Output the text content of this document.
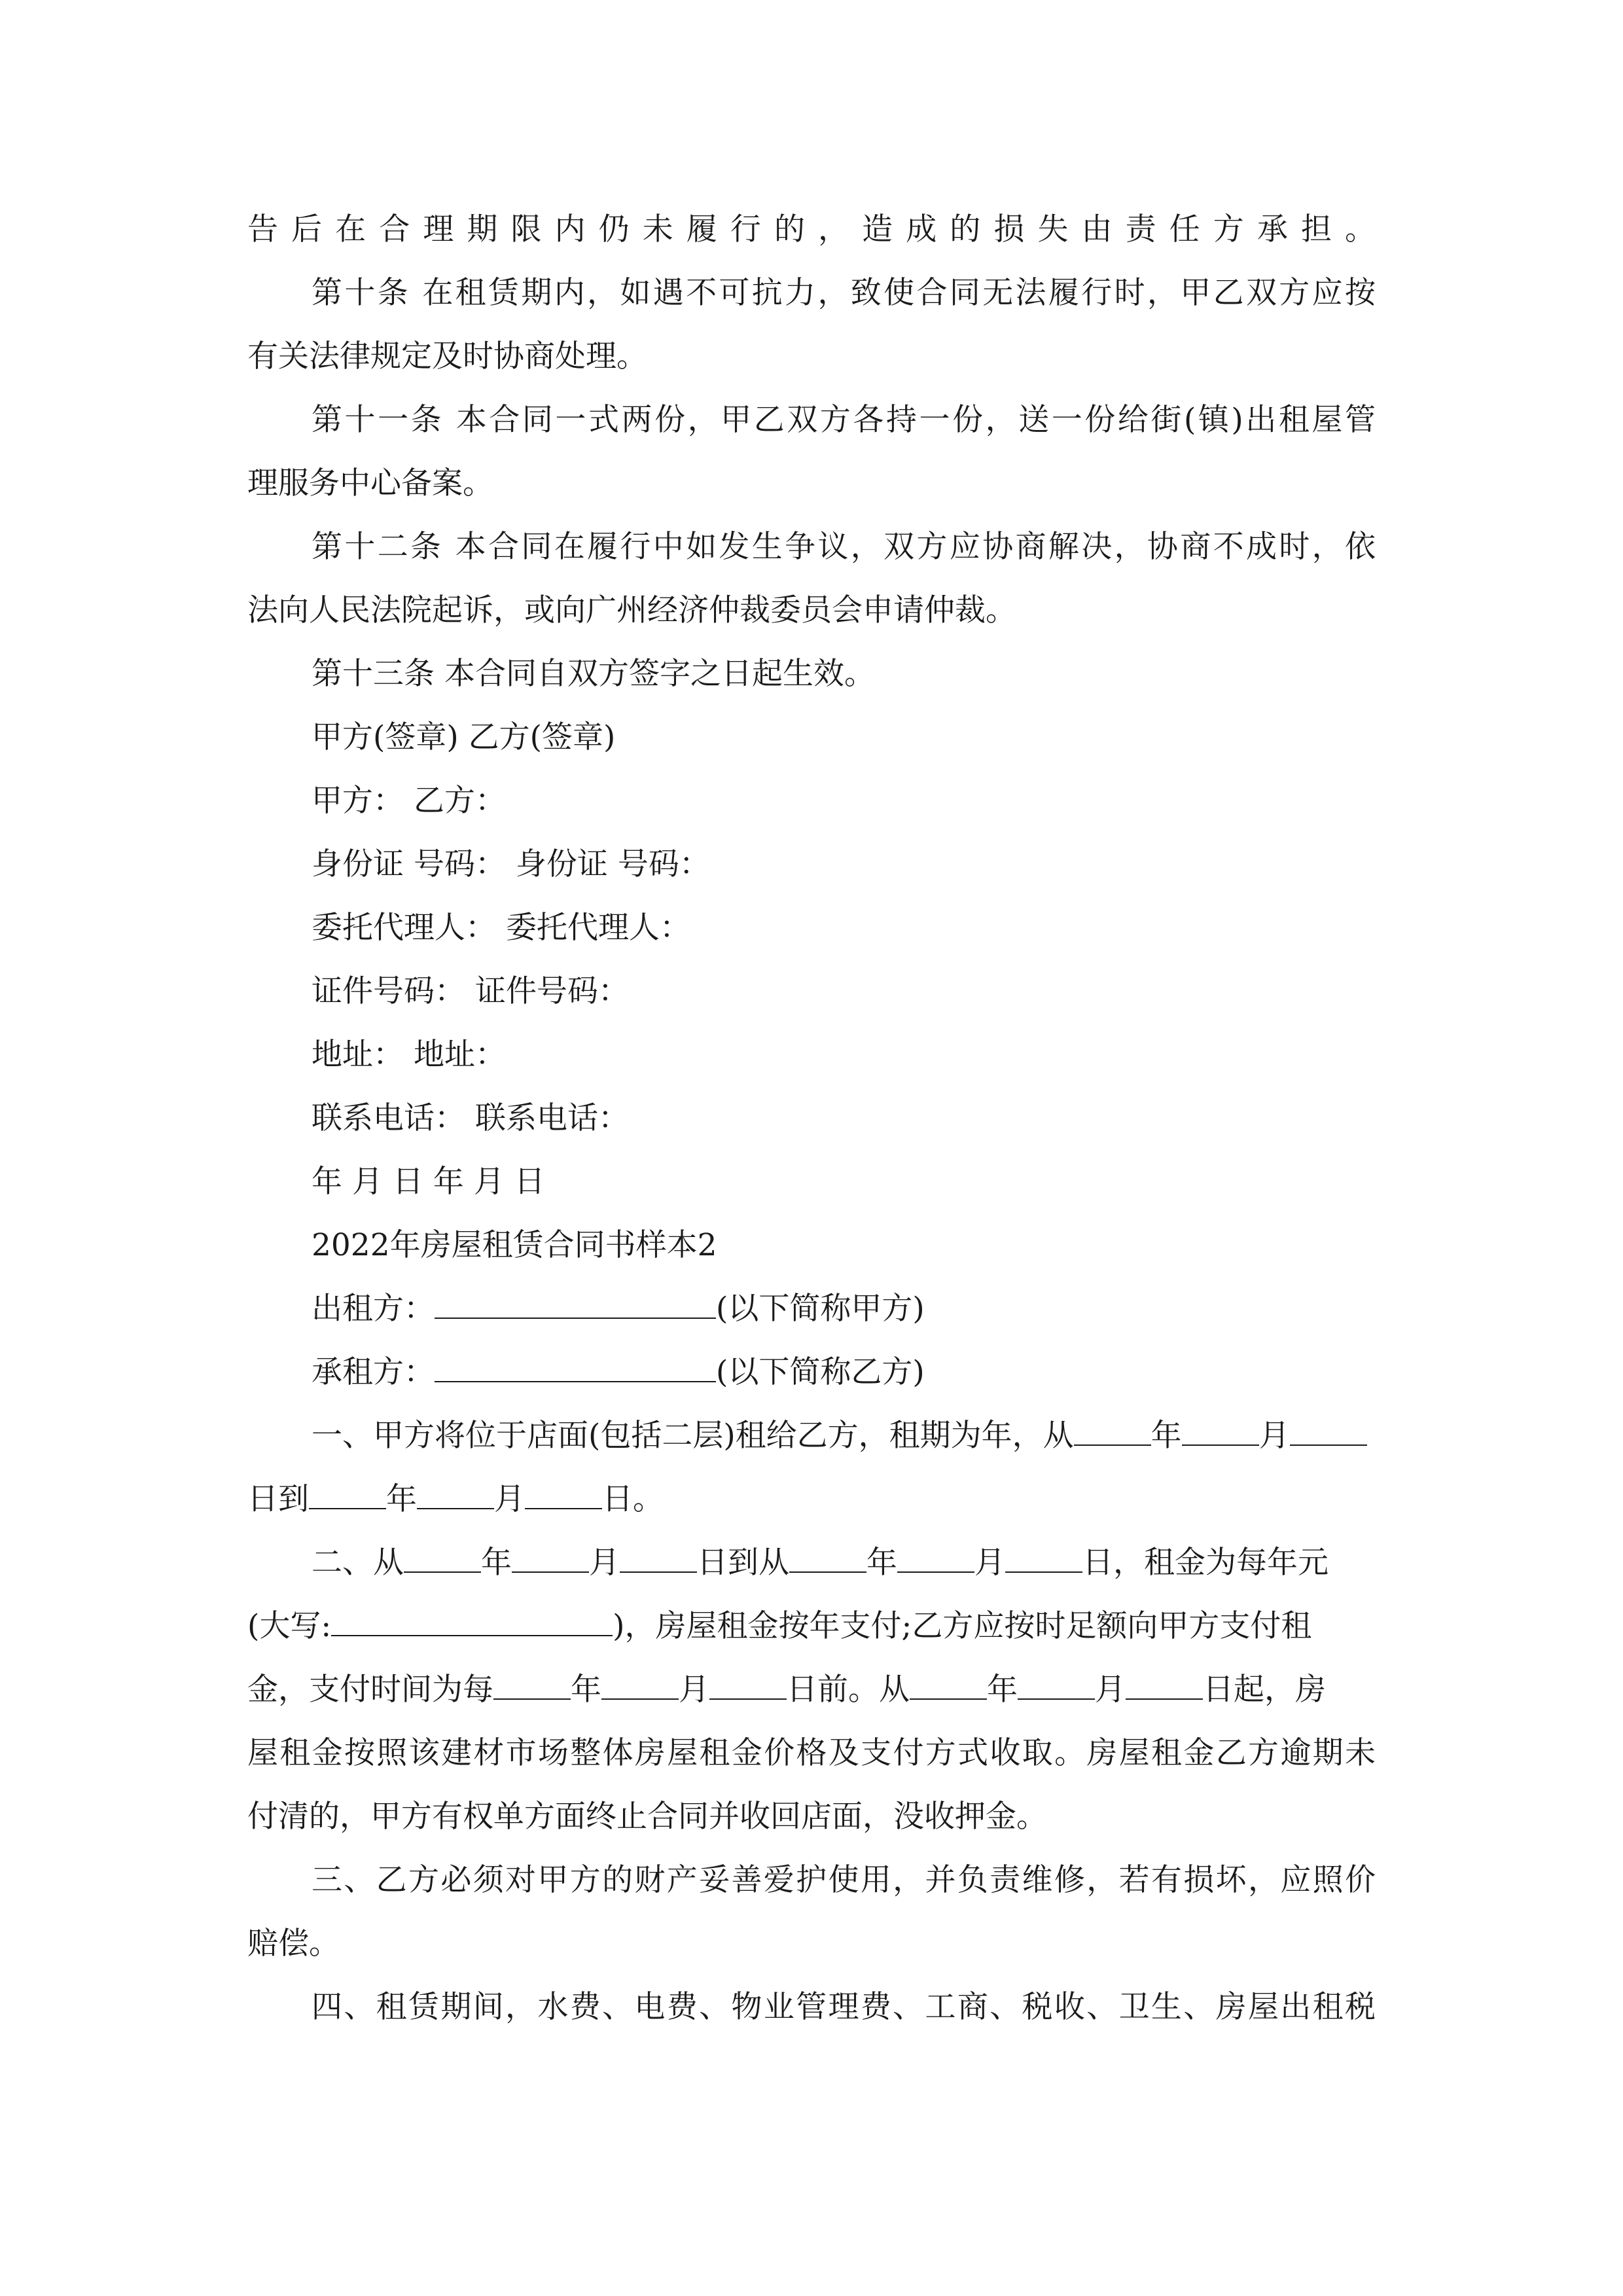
告后在合理期限内仍未履行的，造成的损失由责任方承担。
第十条 在租赁期内，如遇不可抗力，致使合同无法履行时，甲乙双方应按
有关法律规定及时协商处理。
第十一条 本合同一式两份，甲乙双方各持一份，送一份给街(镇)出租屋管
理服务中心备案。
第十二条 本合同在履行中如发生争议，双方应协商解决，协商不成时，依
法向人民法院起诉，或向广州经济仲裁委员会申请仲裁。
第十三条 本合同自双方签字之日起生效。
甲方(签章) 乙方(签章)
甲方： 乙方：
身份证 号码： 身份证 号码：
委托代理人： 委托代理人：
证件号码： 证件号码：
地址： 地址：
联系电话： 联系电话：
年 月 日 年 月 日
2022年房屋租赁合同书样本2
出租方：	(以下简称甲方)
承租方：	(以下简称乙方)
一、甲方将位于店面(包括二层)租给乙方，租期为年，从	年	月
日到	年	月	日。
二、从	年	月	日到从	年	月	日，租金为每年元
(大写:	)，房屋租金按年支付;乙方应按时足额向甲方支付租
金，支付时间为每	年	月	日前。从	年	月	日起，房
屋租金按照该建材市场整体房屋租金价格及支付方式收取。房屋租金乙方逾期未
付清的，甲方有权单方面终止合同并收回店面，没收押金。
三、乙方必须对甲方的财产妥善爱护使用，并负责维修，若有损坏，应照价
赔偿。
四、租赁期间，水费、电费、物业管理费、工商、税收、卫生、房屋出租税
